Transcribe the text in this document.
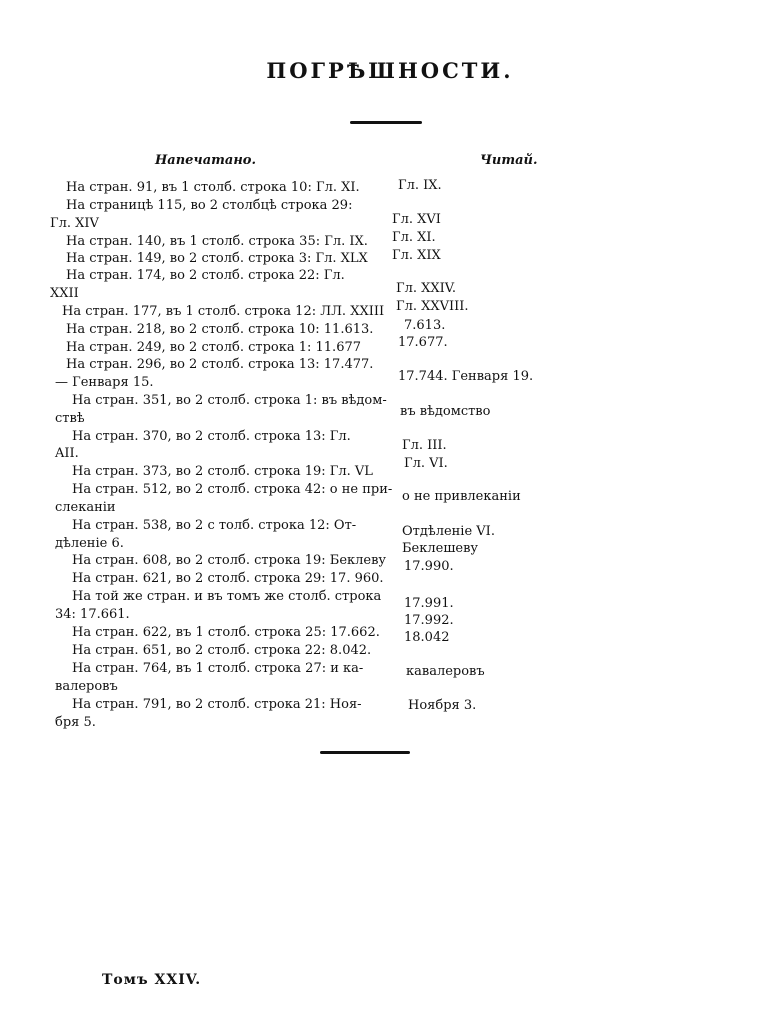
ПОГРѢШНОСТИ.
Напечатано.	Читай.
На стран. 91, въ 1 столб. строка 10: Гл. XI.
На страницѣ 115, во 2 столбцѣ строка 29:
Гл. XIV
На стран. 140, въ 1 столб. строка 35: Гл. IX.
На стран. 149, во 2 столб. строка 3: Гл. XLX
На стран. 174, во 2 столб. строка 22: Гл.
XXII
На стран. 177, въ 1 столб. строка 12: ЛЛ. XXIII
На стран. 218, во 2 столб. строка 10: 11.613.
На стран. 249, во 2 столб. строка 1: 11.677
На стран. 296, во 2 столб. строка 13: 17.477.
— Генваря 15.
На стран. 351, во 2 столб. строка 1: въ вѣдом-
ствѣ
На стран. 370, во 2 столб. строка 13: Гл.
AII.
На стран. 373, во 2 столб. строка 19: Гл. VL
На стран. 512, во 2 столб. строка 42: о не при-
слеканiи
На стран. 538, во 2 с толб. строка 12: От-
дѣленiе 6.
На стран. 608, во 2 столб. строка 19: Беклеву
На стран. 621, во 2 столб. строка 29: 17. 960.
На той же стран. и въ томъ же столб. строка
34: 17.661.
На стран. 622, въ 1 столб. строка 25: 17.662.
На стран. 651, во 2 столб. строка 22: 8.042.
На стран. 764, въ 1 столб. строка 27: и ка-
валеровъ
На стран. 791, во 2 столб. строка 21: Ноя-
бря 5.
Гл. IX.
Гл. XVI
Гл. XI.
Гл. XIX
Гл. XXIV.
Гл. XXVIII.
7.613.
17.677.
17.744. Генваря 19.
въ вѣдомство
Гл. III.
Гл. VI.
о не привлеканiи
Отдѣленiе VI.
Беклешеву
17.990.
17.991.
17.992.
18.042
кавалеровъ
Ноября 3.
Томъ XXIV.
